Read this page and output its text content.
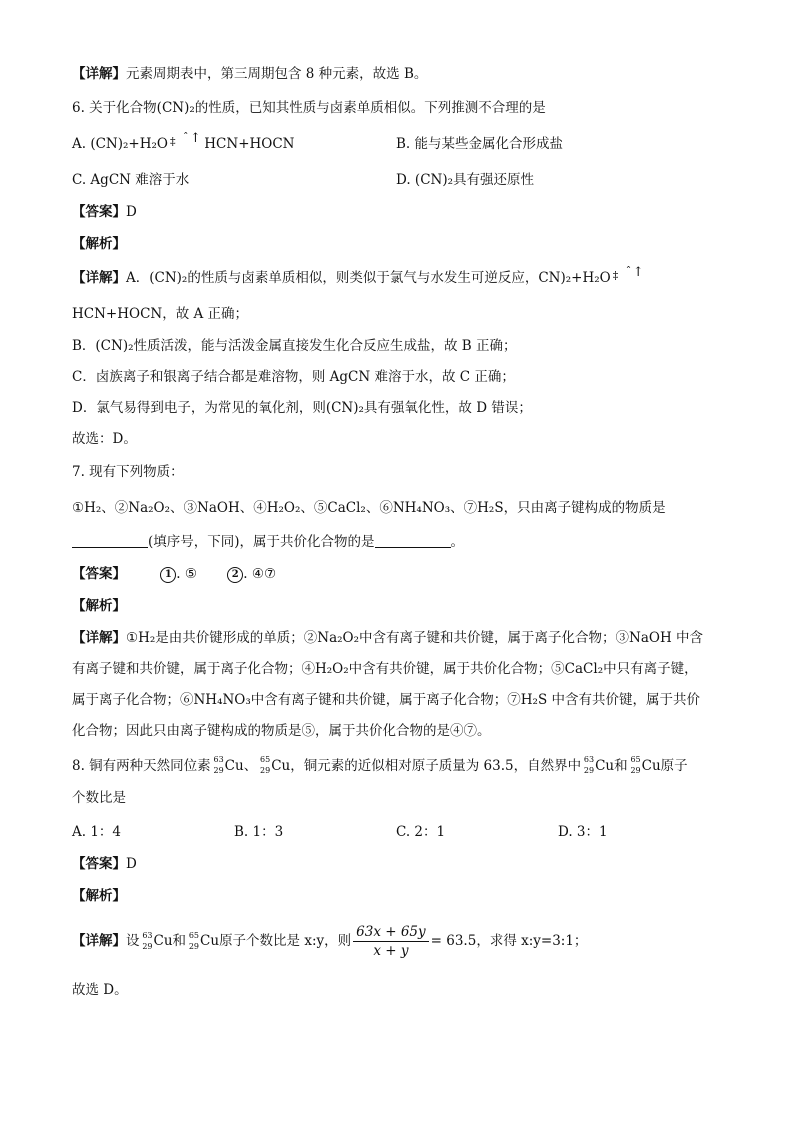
【详解】元素周期表中，第三周期包含 8 种元素，故选 B。
6. 关于化合物(CN)₂的性质，已知其性质与卤素单质相似。下列推测不合理的是
A. (CN)₂+H₂O ‡ ˆ ↑ HCN+HOCN	B. 能与某些金属化合形成盐
C. AgCN 难溶于水	D. (CN)₂具有强还原性
【答案】D
【解析】
【详解】A．(CN)₂的性质与卤素单质相似，则类似于氯气与水发生可逆反应，CN)₂+H₂O ‡ ˆ ↑
HCN+HOCN，故 A 正确；
B．(CN)₂性质活泼，能与活泼金属直接发生化合反应生成盐，故 B 正确；
C．卤族离子和银离子结合都是难溶物，则 AgCN 难溶于水，故 C 正确；
D．氯气易得到电子，为常见的氧化剂，则(CN)₂具有强氧化性，故 D 错误；
故选：D。
7. 现有下列物质：
①H₂、②Na₂O₂、③NaOH、④H₂O₂、⑤CaCl₂、⑥NH₄NO₃、⑦H₂S，只由离子键构成的物质是
(填序号，下同)，属于共价化合物的是	。
【答案】	1 . ⑤	2 . ④⑦
【解析】
【详解】①H₂是由共价键形成的单质；②Na₂O₂中含有离子键和共价键，属于离子化合物；③NaOH 中含
有离子键和共价键，属于离子化合物；④H₂O₂中含有共价键，属于共价化合物；⑤CaCl₂中只有离子键，
属于离子化合物；⑥NH₄NO₃中含有离子键和共价键，属于离子化合物；⑦H₂S 中含有共价键，属于共价
化合物；因此只由离子键构成的物质是⑤，属于共价化合物的是④⑦。
8. 铜有两种天然同位素 63
29 Cu、 65
29 Cu，铜元素的近似相对原子质量为 63.5，自然界中 63
29 Cu和 65
29 Cu原子
个数比是
A. 1：4	B. 1：3	C. 2：1	D. 3：1
【答案】D
【解析】
【详解】设 63
29 Cu和 65
29 Cu原子个数比是 x:y，则 $\frac{63x + 65y}{x + y} = 63.5$，求得 x:y=3:1；
故选 D。
